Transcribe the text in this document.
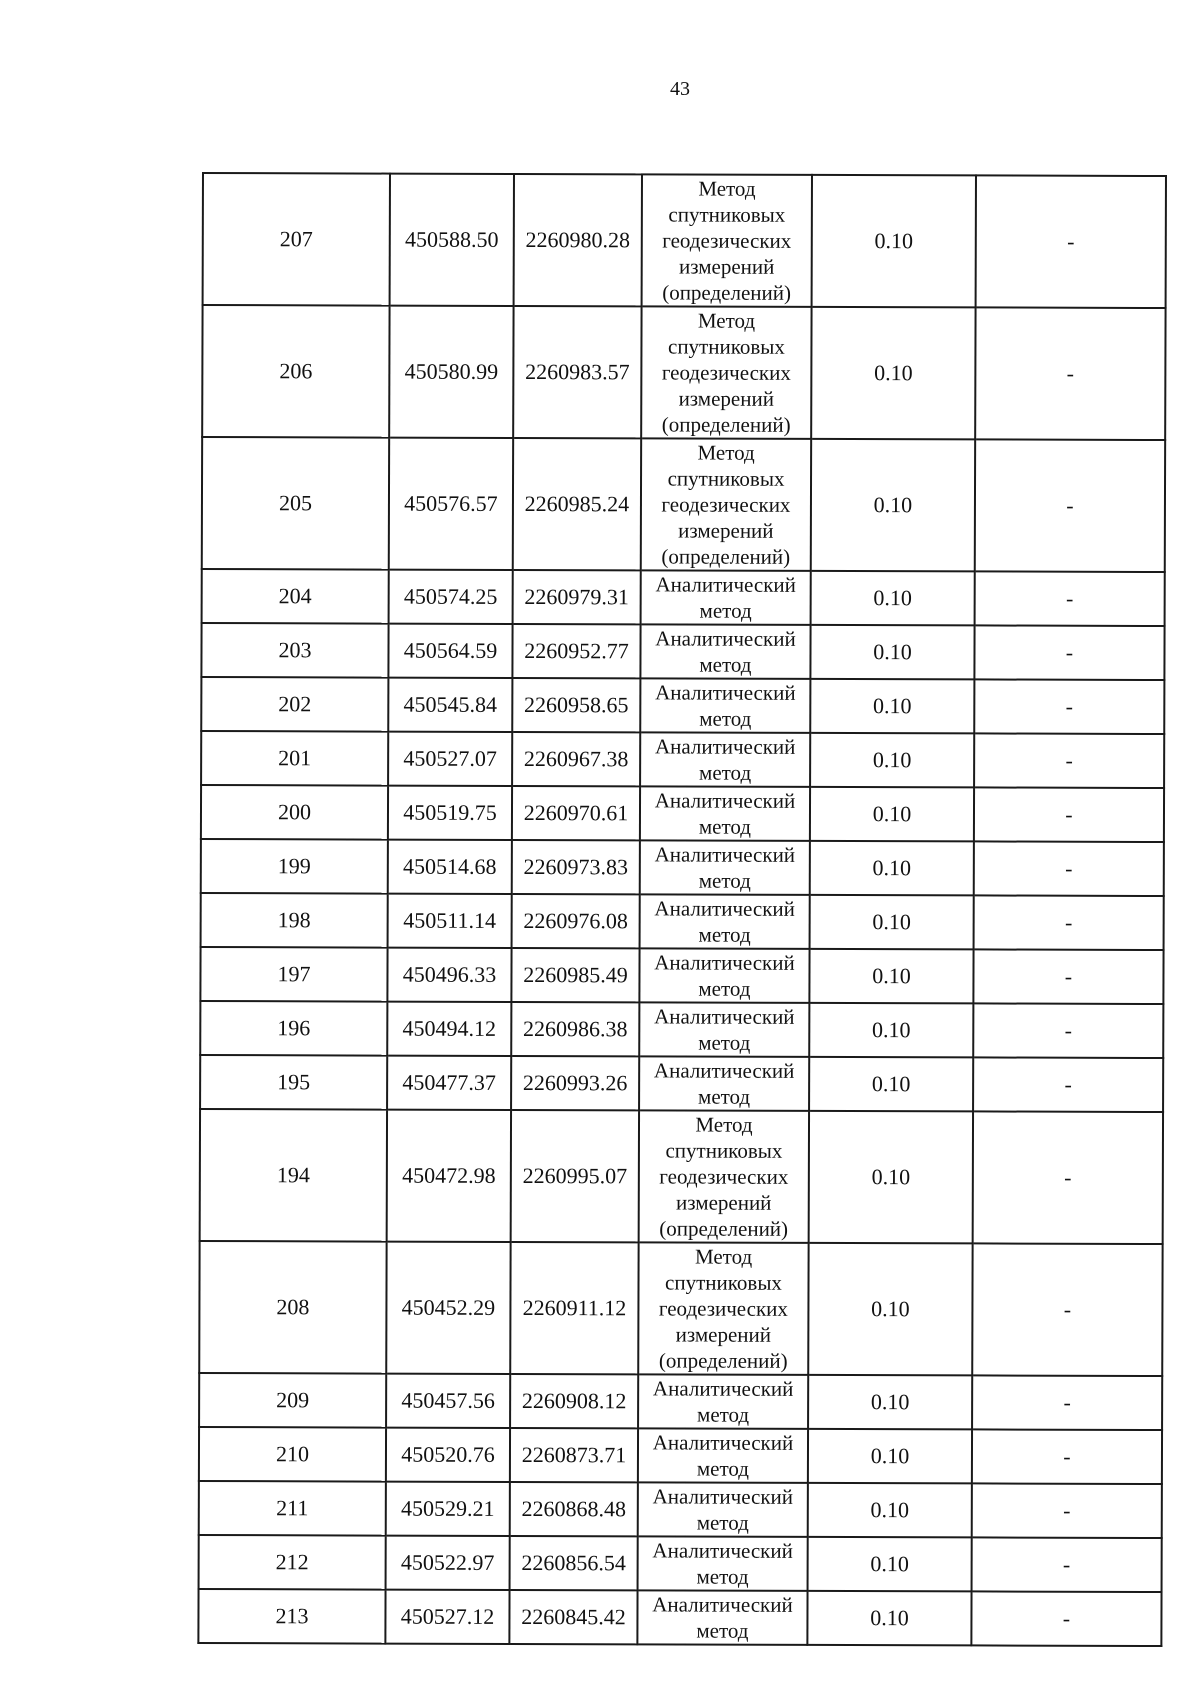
43
207	450588.50	2260980.28	Метод спутниковых геодезических измерений (определений)	0.10	-
206	450580.99	2260983.57	Метод спутниковых геодезических измерений (определений)	0.10	-
205	450576.57	2260985.24	Метод спутниковых геодезических измерений (определений)	0.10	-
204	450574.25	2260979.31	Аналитический метод	0.10	-
203	450564.59	2260952.77	Аналитический метод	0.10	-
202	450545.84	2260958.65	Аналитический метод	0.10	-
201	450527.07	2260967.38	Аналитический метод	0.10	-
200	450519.75	2260970.61	Аналитический метод	0.10	-
199	450514.68	2260973.83	Аналитический метод	0.10	-
198	450511.14	2260976.08	Аналитический метод	0.10	-
197	450496.33	2260985.49	Аналитический метод	0.10	-
196	450494.12	2260986.38	Аналитический метод	0.10	-
195	450477.37	2260993.26	Аналитический метод	0.10	-
194	450472.98	2260995.07	Метод спутниковых геодезических измерений (определений)	0.10	-
208	450452.29	2260911.12	Метод спутниковых геодезических измерений (определений)	0.10	-
209	450457.56	2260908.12	Аналитический метод	0.10	-
210	450520.76	2260873.71	Аналитический метод	0.10	-
211	450529.21	2260868.48	Аналитический метод	0.10	-
212	450522.97	2260856.54	Аналитический метод	0.10	-
213	450527.12	2260845.42	Аналитический метод	0.10	-
